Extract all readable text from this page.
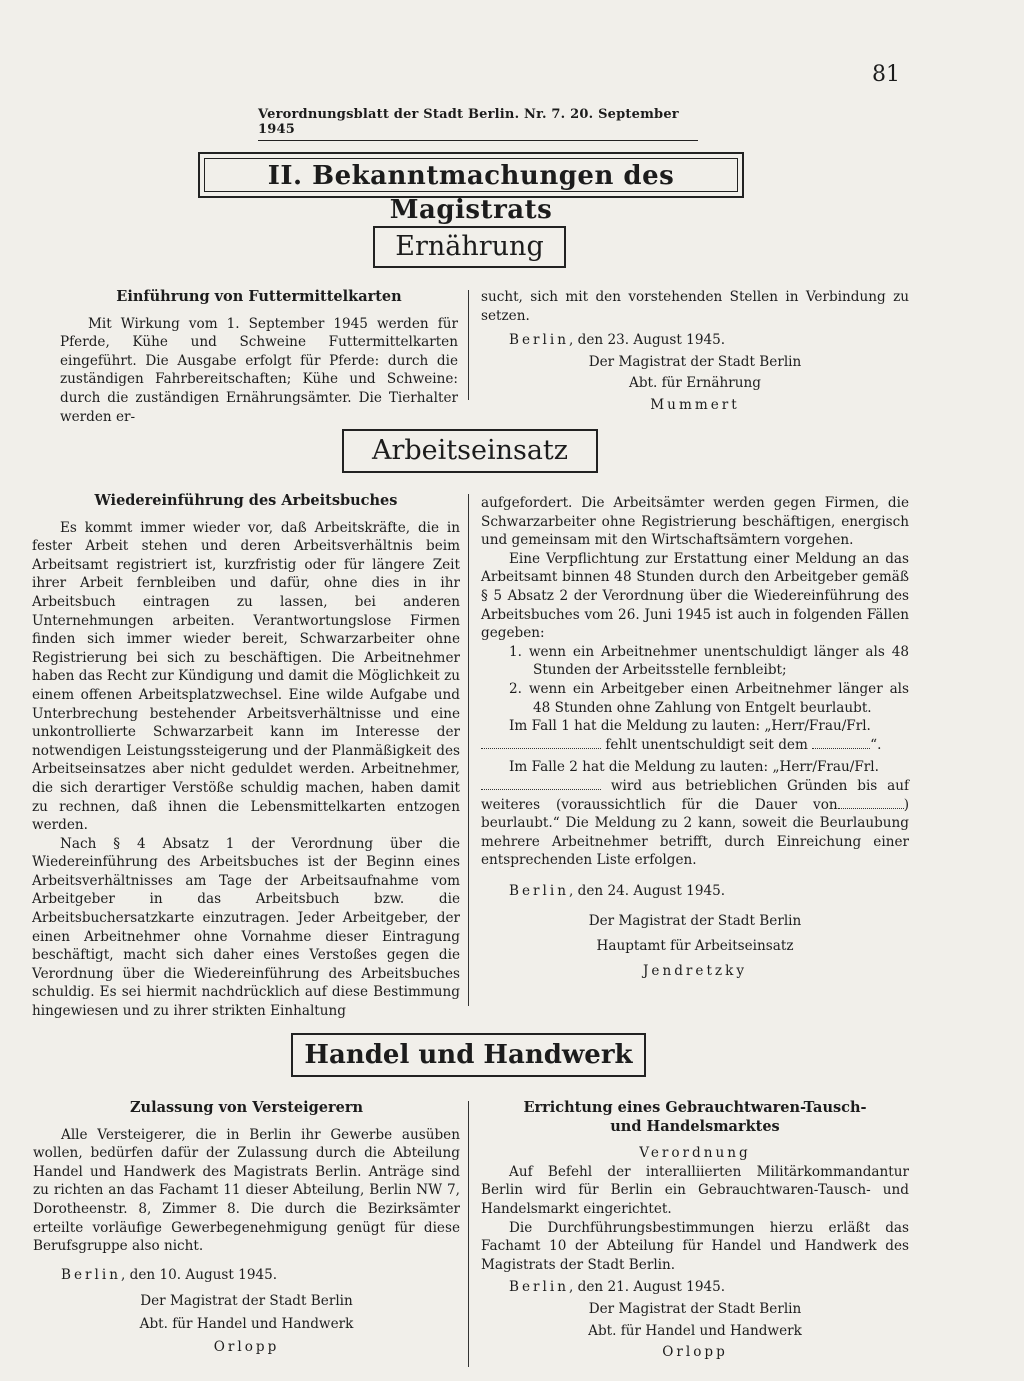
81
Verordnungsblatt der Stadt Berlin. Nr. 7. 20. September 1945
II. Bekanntmachungen des Magistrats
Ernährung

Einführung von Futtermittelkarten

Mit Wirkung vom 1. September 1945 werden für Pferde, Kühe und Schweine Futtermittelkarten eingeführt. Die Ausgabe erfolgt für Pferde: durch die zuständigen Fahrbereitschaften; Kühe und Schweine: durch die zuständigen Ernährungsämter. Die Tierhalter werden er-

sucht, sich mit den vorstehenden Stellen in Verbindung zu setzen.

Berlin, den 23. August 1945.

Der Magistrat der Stadt Berlin

Abt. für Ernährung

Mummert

Arbeitseinsatz

Wiedereinführung des Arbeitsbuches

Es kommt immer wieder vor, daß Arbeitskräfte, die in fester Arbeit stehen und deren Arbeitsverhältnis beim Arbeitsamt registriert ist, kurzfristig oder für längere Zeit ihrer Arbeit fernbleiben und dafür, ohne dies in ihr Arbeitsbuch eintragen zu lassen, bei anderen Unternehmungen arbeiten. Verantwortungslose Firmen finden sich immer wieder bereit, Schwarzarbeiter ohne Registrierung bei sich zu beschäftigen. Die Arbeitnehmer haben das Recht zur Kündigung und damit die Möglichkeit zu einem offenen Arbeitsplatzwechsel. Eine wilde Aufgabe und Unterbrechung bestehender Arbeitsverhältnisse und eine unkontrollierte Schwarzarbeit kann im Interesse der notwendigen Leistungssteigerung und der Planmäßigkeit des Arbeitseinsatzes aber nicht geduldet werden. Arbeitnehmer, die sich derartiger Verstöße schuldig machen, haben damit zu rechnen, daß ihnen die Lebensmittelkarten entzogen werden.

Nach § 4 Absatz 1 der Verordnung über die Wiedereinführung des Arbeitsbuches ist der Beginn eines Arbeitsverhältnisses am Tage der Arbeitsaufnahme vom Arbeitgeber in das Arbeitsbuch bzw. die Arbeitsbuchersatzkarte einzutragen. Jeder Arbeitgeber, der einen Arbeitnehmer ohne Vornahme dieser Eintragung beschäftigt, macht sich daher eines Verstoßes gegen die Verordnung über die Wiedereinführung des Arbeitsbuches schuldig. Es sei hiermit nachdrücklich auf diese Bestimmung hingewiesen und zu ihrer strikten Einhaltung

aufgefordert. Die Arbeitsämter werden gegen Firmen, die Schwarzarbeiter ohne Registrierung beschäftigen, energisch und gemeinsam mit den Wirtschaftsämtern vorgehen.

Eine Verpflichtung zur Erstattung einer Meldung an das Arbeitsamt binnen 48 Stunden durch den Arbeitgeber gemäß § 5 Absatz 2 der Verordnung über die Wiedereinführung des Arbeitsbuches vom 26. Juni 1945 ist auch in folgenden Fällen gegeben:

1. wenn ein Arbeitnehmer unentschuldigt länger als 48 Stunden der Arbeitsstelle fernbleibt;

2. wenn ein Arbeitgeber einen Arbeitnehmer länger als 48 Stunden ohne Zahlung von Entgelt beurlaubt.

Im Fall 1 hat die Meldung zu lauten: „Herr/Frau/Frl.
fehlt unentschuldigt seit dem	“.

Im Falle 2 hat die Meldung zu lauten: „Herr/Frau/Frl.
wird aus betrieblichen Gründen bis auf weiteres (voraussichtlich für die Dauer von	) beurlaubt.“ Die Meldung zu 2 kann, soweit die Beurlaubung mehrere Arbeitnehmer betrifft, durch Einreichung einer entsprechenden Liste erfolgen.

Berlin, den 24. August 1945.

Der Magistrat der Stadt Berlin

Hauptamt für Arbeitseinsatz

Jendretzky

Handel und Handwerk

Zulassung von Versteigerern

Alle Versteigerer, die in Berlin ihr Gewerbe ausüben wollen, bedürfen dafür der Zulassung durch die Abteilung Handel und Handwerk des Magistrats Berlin. Anträge sind zu richten an das Fachamt 11 dieser Abteilung, Berlin NW 7, Dorotheenstr. 8, Zimmer 8. Die durch die Bezirksämter erteilte vorläufige Gewerbegenehmigung genügt für diese Berufsgruppe also nicht.

Berlin, den 10. August 1945.

Der Magistrat der Stadt Berlin

Abt. für Handel und Handwerk

Orlopp

Errichtung eines Gebrauchtwaren-Tausch-

und Handelsmarktes

Verordnung

Auf Befehl der interalliierten Militärkommandantur Berlin wird für Berlin ein Gebrauchtwaren-Tausch- und Handelsmarkt eingerichtet.

Die Durchführungsbestimmungen hierzu erläßt das Fachamt 10 der Abteilung für Handel und Handwerk des Magistrats der Stadt Berlin.

Berlin, den 21. August 1945.

Der Magistrat der Stadt Berlin

Abt. für Handel und Handwerk

Orlopp
